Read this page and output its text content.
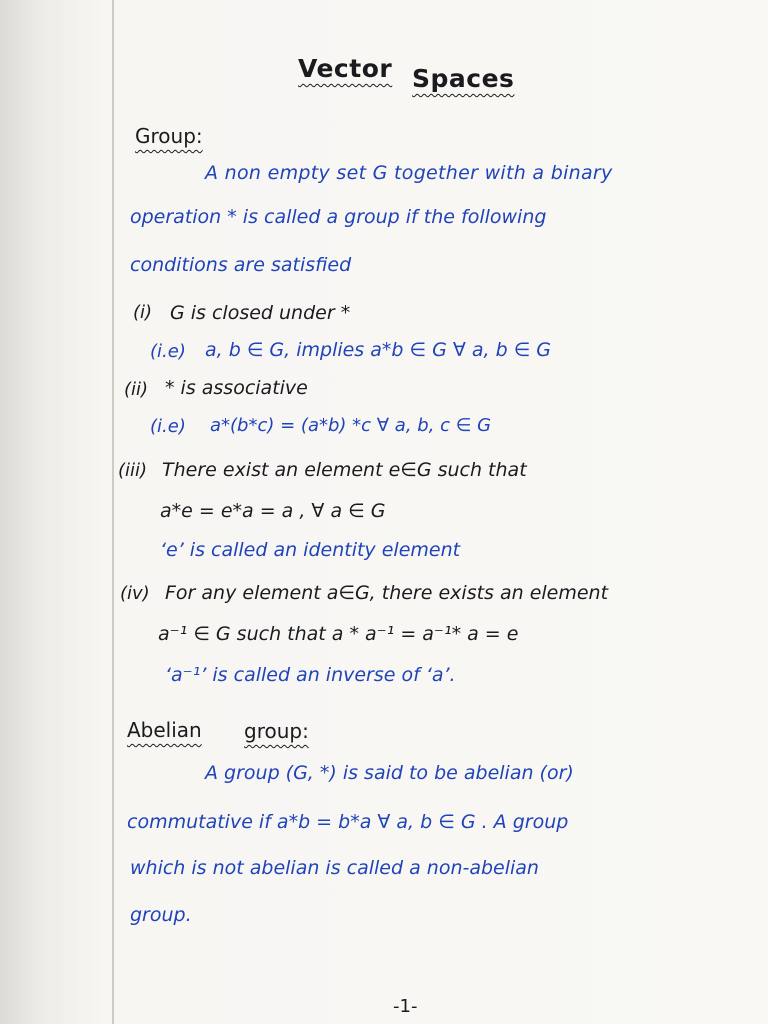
Vector Spaces
Group:
A non empty set G together with a binary
operation * is called a group if the following
conditions are satisfied
(i) G is closed under *
(i.e) a, b ∈ G, implies a*b ∈ G ∀ a, b ∈ G
(ii) * is associative
(i.e) a*(b*c) = (a*b) *c ∀ a, b, c ∈ G
(iii) There exist an element e∈G such that
a*e = e*a = a , ∀ a ∈ G
‘e’ is called an identity element
(iv) For any element a∈G, there exists an element
a⁻¹ ∈ G such that a * a⁻¹ = a⁻¹* a = e
‘a⁻¹’ is called an inverse of ‘a’.
Abelian group:
A group (G, *) is said to be abelian (or)
commutative if a*b = b*a ∀ a, b ∈ G . A group
which is not abelian is called a non-abelian
group.
-1-
